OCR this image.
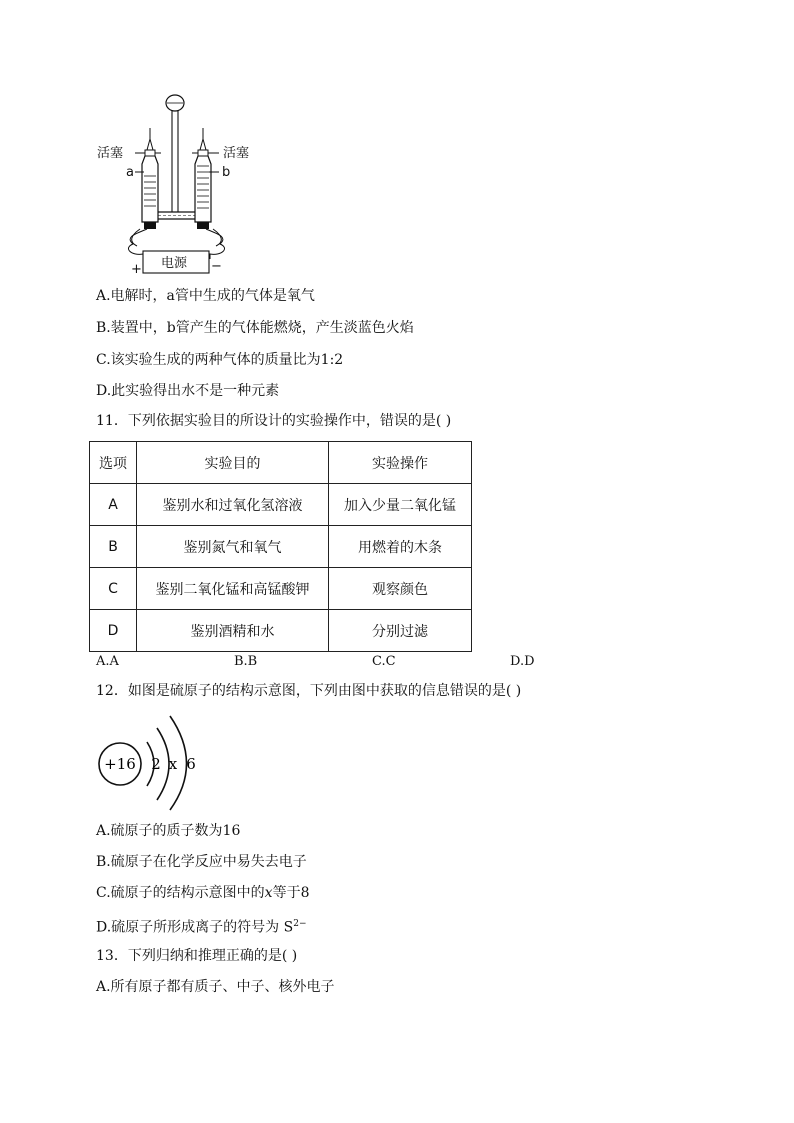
活塞	活塞
a	b
电源
+	−
A.电解时，a管中生成的气体是氧气
B.装置中，b管产生的气体能燃烧，产生淡蓝色火焰
C.该实验生成的两种气体的质量比为1:2
D.此实验得出水不是一种元素
11．下列依据实验目的所设计的实验操作中，错误的是( )
选项	实验目的	实验操作
A	鉴别水和过氧化氢溶液	加入少量二氧化锰
B	鉴别氮气和氧气	用燃着的木条
C	鉴别二氧化锰和高锰酸钾	观察颜色
D	鉴别酒精和水	分别过滤
A.A	B.B	C.C	D.D
12．如图是硫原子的结构示意图，下列由图中获取的信息错误的是( )
+16 2 x 6
A.硫原子的质子数为16
B.硫原子在化学反应中易失去电子
C.硫原子的结构示意图中的x等于8
D.硫原子所形成离子的符号为 $S^{2-}$
13．下列归纳和推理正确的是( )
A.所有原子都有质子、中子、核外电子
